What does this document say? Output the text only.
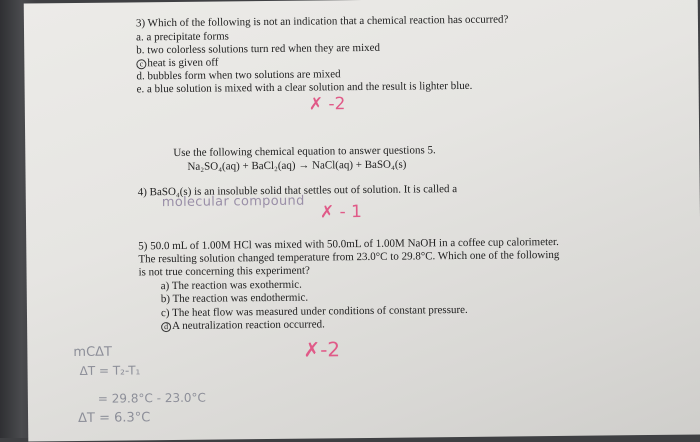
3) Which of the following is not an indication that a chemical reaction has occurred?
a. a precipitate forms
b. two colorless solutions turn red when they are mixed
c heat is given off
d. bubbles form when two solutions are mixed
e. a blue solution is mixed with a clear solution and the result is lighter blue.
✗ -2
Use the following chemical equation to answer questions 5.
Na₂SO₄(aq) + BaCl₂(aq) → NaCl(aq) + BaSO₄(s)
4) BaSO₄(s) is an insoluble solid that settles out of solution. It is called a
molecular compound
✗ - 1
5) 50.0 mL of 1.00M HCl was mixed with 50.0mL of 1.00M NaOH in a coffee cup calorimeter.
The resulting solution changed temperature from 23.0°C to 29.8°C. Which one of the following
is not true concerning this experiment?
a) The reaction was exothermic.
b) The reaction was endothermic.
c) The heat flow was measured under conditions of constant pressure.
d A neutralization reaction occurred.
✗-2
mCΔT
ΔT = T₂-T₁
= 29.8°C - 23.0°C
ΔT = 6.3°C
